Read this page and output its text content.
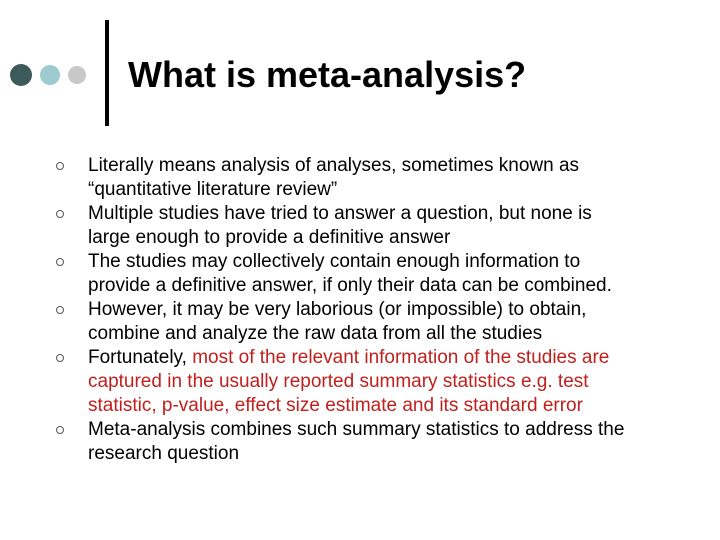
What is meta-analysis?
Literally means analysis of analyses, sometimes known as
“quantitative literature review”
Multiple studies have tried to answer a question, but none is
large enough to provide a definitive answer
The studies may collectively contain enough information to
provide a definitive answer, if only their data can be combined.
However, it may be very laborious (or impossible) to obtain,
combine and analyze the raw data from all the studies
Fortunately, most of the relevant information of the studies are
captured in the usually reported summary statistics e.g. test
statistic, p-value, effect size estimate and its standard error
Meta-analysis combines such summary statistics to address the
research question
